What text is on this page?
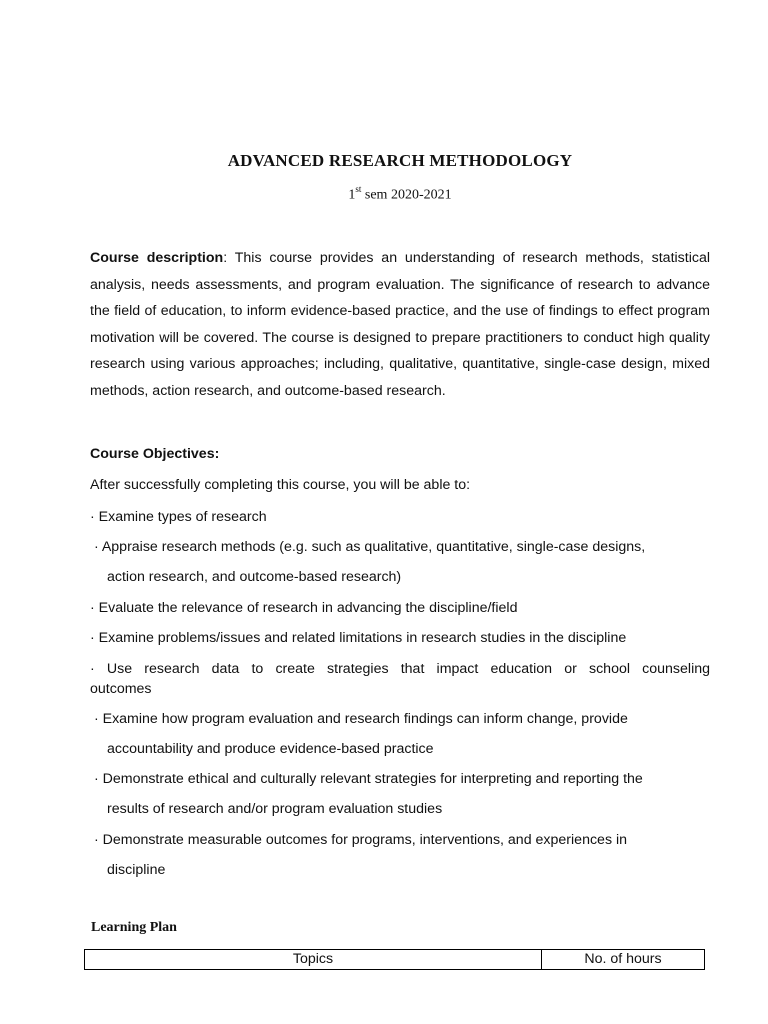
ADVANCED RESEARCH METHODOLOGY
1st sem 2020-2021
Course description: This course provides an understanding of research methods, statistical analysis, needs assessments, and program evaluation. The significance of research to advance the field of education, to inform evidence-based practice, and the use of findings to effect program motivation will be covered. The course is designed to prepare practitioners to conduct high quality research using various approaches; including, qualitative, quantitative, single-case design, mixed methods, action research, and outcome-based research.
Course Objectives:
After successfully completing this course, you will be able to:
· Examine types of research
· Appraise research methods (e.g. such as qualitative, quantitative, single-case designs,
action research, and outcome-based research)
· Evaluate the relevance of research in advancing the discipline/field
· Examine problems/issues and related limitations in research studies in the discipline
· Use research data to create strategies that impact education or school counseling
outcomes
· Examine how program evaluation and research findings can inform change, provide
accountability and produce evidence-based practice
· Demonstrate ethical and culturally relevant strategies for interpreting and reporting the
results of research and/or program evaluation studies
· Demonstrate measurable outcomes for programs, interventions, and experiences in
discipline
Learning Plan
Topics	No. of hours
